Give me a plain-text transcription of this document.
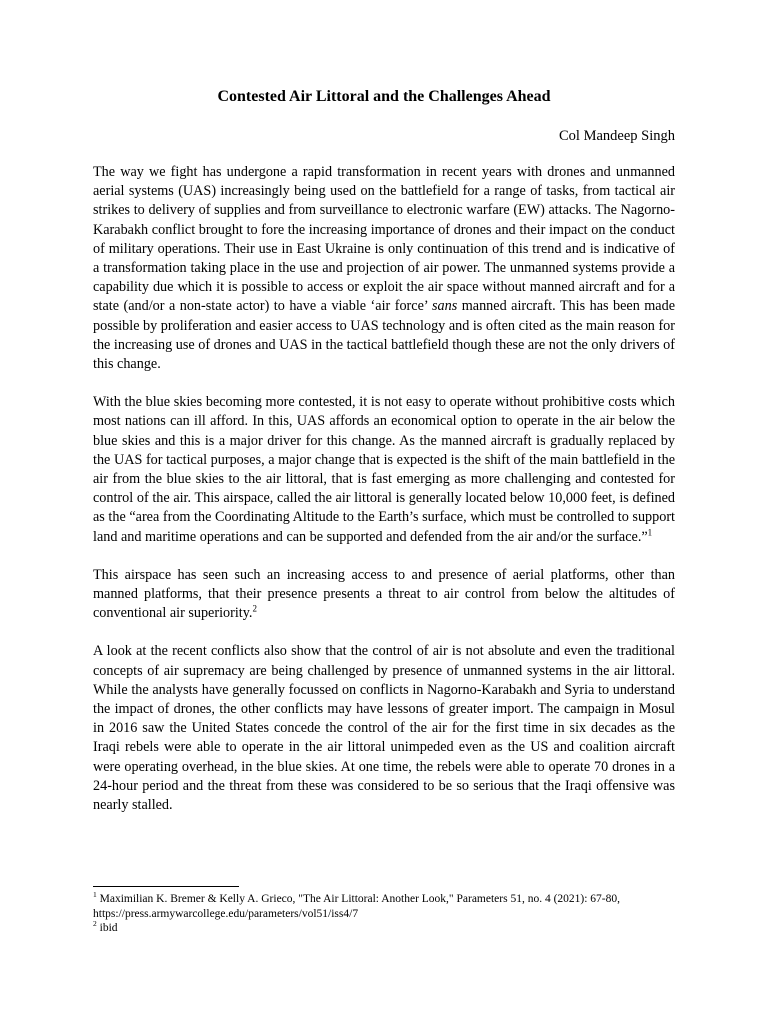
Contested Air Littoral and the Challenges Ahead

Col Mandeep Singh

The way we fight has undergone a rapid transformation in recent years with drones and unmanned aerial systems (UAS) increasingly being used on the battlefield for a range of tasks, from tactical air strikes to delivery of supplies and from surveillance to electronic warfare (EW) attacks. The Nagorno-Karabakh conflict brought to fore the increasing importance of drones and their impact on the conduct of military operations. Their use in East Ukraine is only continuation of this trend and is indicative of a transformation taking place in the use and projection of air power. The unmanned systems provide a capability due which it is possible to access or exploit the air space without manned aircraft and for a state (and/or a non-state actor) to have a viable ‘air force’ sans manned aircraft. This has been made possible by proliferation and easier access to UAS technology and is often cited as the main reason for the increasing use of drones and UAS in the tactical battlefield though these are not the only drivers of this change.

With the blue skies becoming more contested, it is not easy to operate without prohibitive costs which most nations can ill afford. In this, UAS affords an economical option to operate in the air below the blue skies and this is a major driver for this change. As the manned aircraft is gradually replaced by the UAS for tactical purposes, a major change that is expected is the shift of the main battlefield in the air from the blue skies to the air littoral, that is fast emerging as more challenging and contested for control of the air. This airspace, called the air littoral is generally located below 10,000 feet, is defined as the “area from the Coordinating Altitude to the Earth’s surface, which must be controlled to support land and maritime operations and can be supported and defended from the air and/or the surface.”$^1$

This airspace has seen such an increasing access to and presence of aerial platforms, other than manned platforms, that their presence presents a threat to air control from below the altitudes of conventional air superiority.$^2$

A look at the recent conflicts also show that the control of air is not absolute and even the traditional concepts of air supremacy are being challenged by presence of unmanned systems in the air littoral. While the analysts have generally focussed on conflicts in Nagorno-Karabakh and Syria to understand the impact of drones, the other conflicts may have lessons of greater import. The campaign in Mosul in 2016 saw the United States concede the control of the air for the first time in six decades as the Iraqi rebels were able to operate in the air littoral unimpeded even as the US and coalition aircraft were operating overhead, in the blue skies. At one time, the rebels were able to operate 70 drones in a 24-hour period and the threat from these was considered to be so serious that the Iraqi offensive was nearly stalled.

$^1$ Maximilian K. Bremer & Kelly A. Grieco, "The Air Littoral: Another Look," Parameters 51, no. 4 (2021): 67-80, https://press.armywarcollege.edu/parameters/vol51/iss4/7

$^2$ ibid
